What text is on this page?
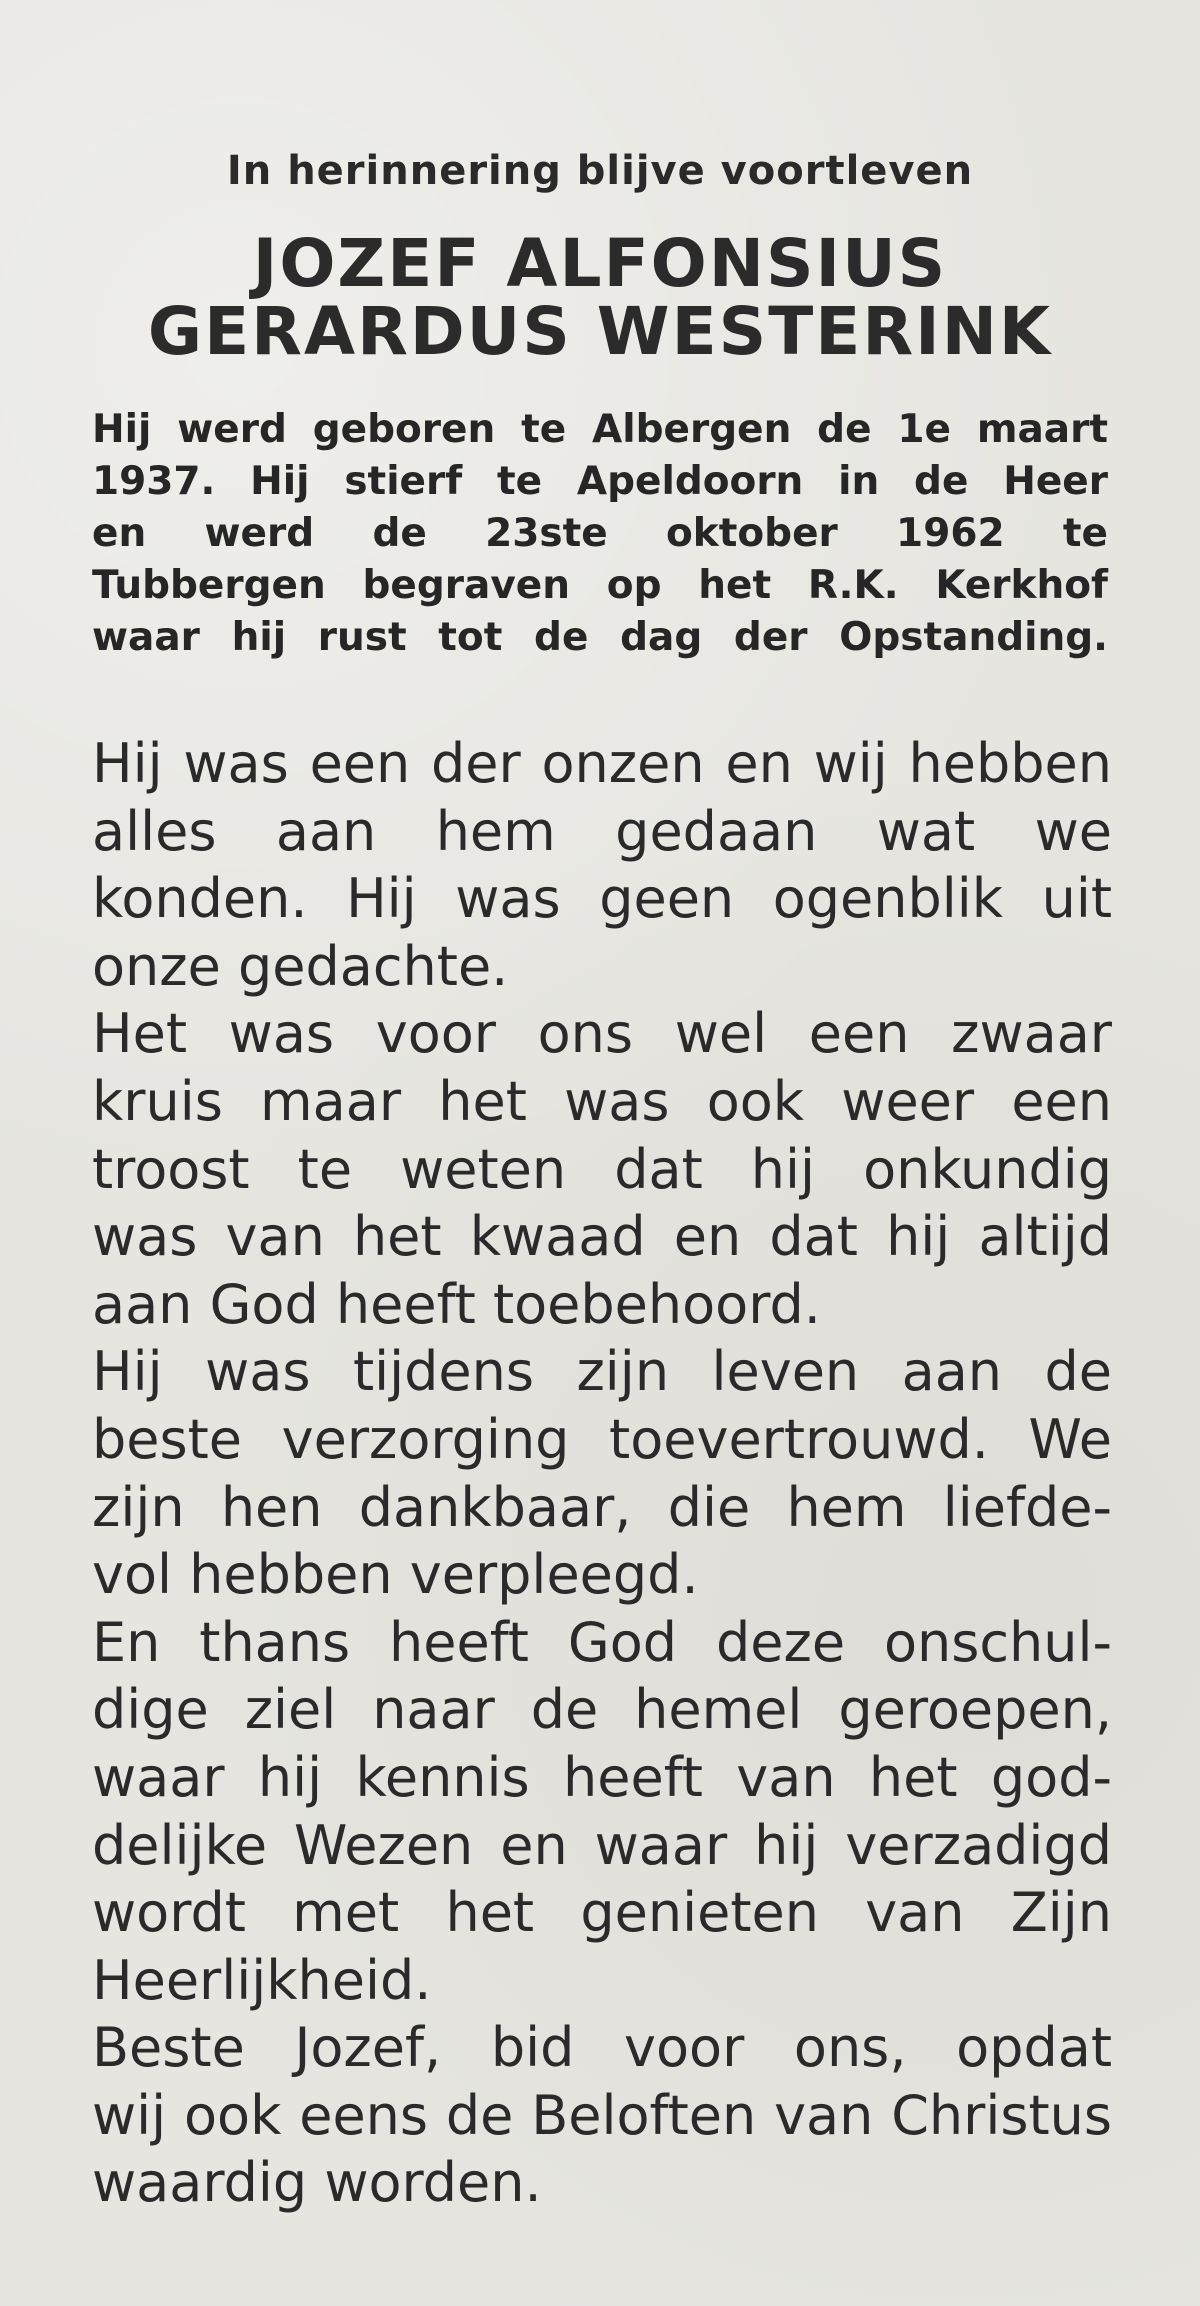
In herinnering blijve voortleven
JOZEF ALFONSIUS
GERARDUS WESTERINK
Hij werd geboren te Albergen de 1e maart
1937. Hij stierf te Apeldoorn in de Heer
en werd de 23ste oktober 1962 te
Tubbergen begraven op het R.K. Kerkhof
waar hij rust tot de dag der Opstanding.
Hij was een der onzen en wij hebben
alles aan hem gedaan wat we
konden. Hij was geen ogenblik uit
onze gedachte.
Het was voor ons wel een zwaar
kruis maar het was ook weer een
troost te weten dat hij onkundig
was van het kwaad en dat hij altijd
aan God heeft toebehoord.
Hij was tijdens zijn leven aan de
beste verzorging toevertrouwd. We
zijn hen dankbaar, die hem liefde-
vol hebben verpleegd.
En thans heeft God deze onschul-
dige ziel naar de hemel geroepen,
waar hij kennis heeft van het god-
delijke Wezen en waar hij verzadigd
wordt met het genieten van Zijn
Heerlijkheid.
Beste Jozef, bid voor ons, opdat
wij ook eens de Beloften van Christus
waardig worden.
